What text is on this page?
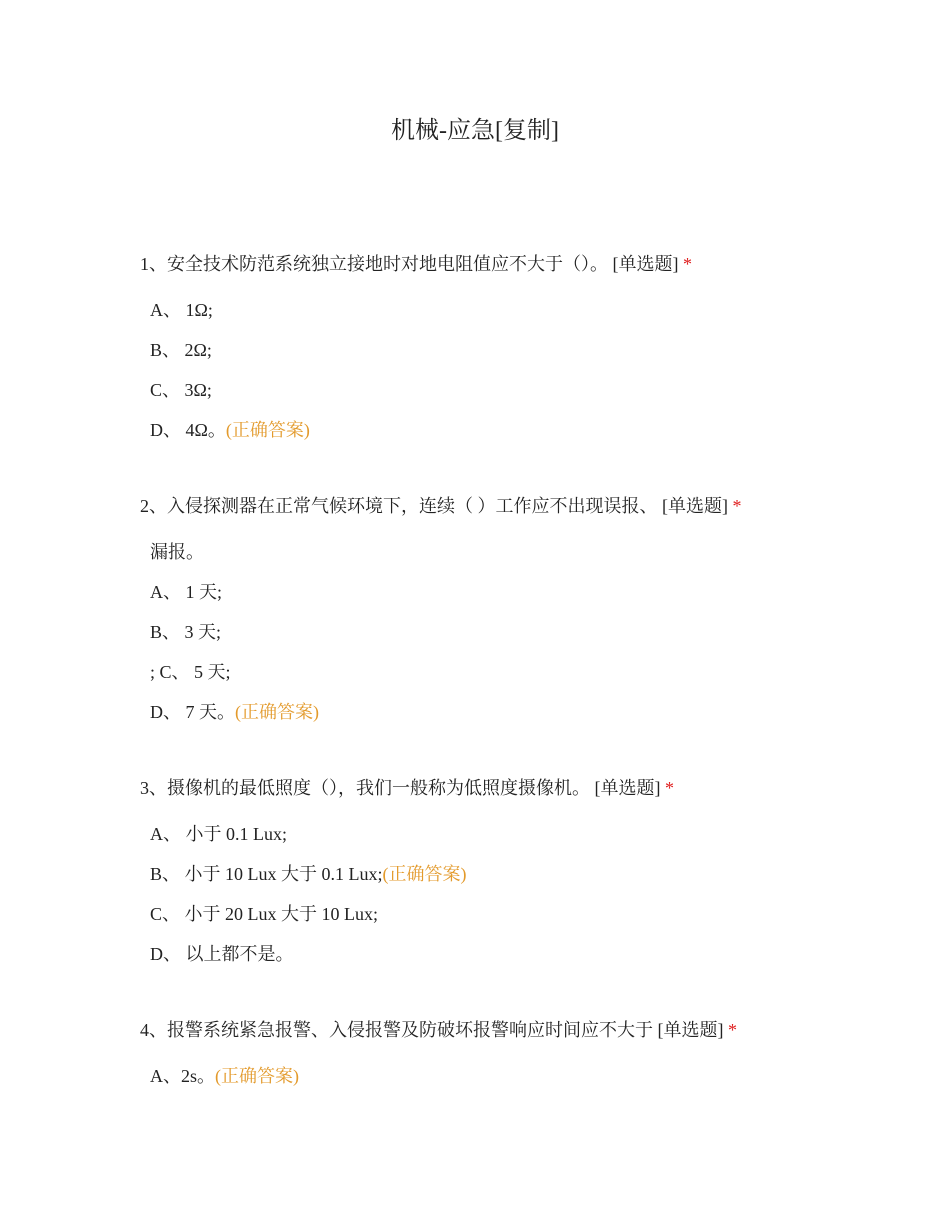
机械-应急[复制]
1、安全技术防范系统独立接地时对地电阻值应不大于（）。 [单选题] *
A、 1Ω;
B、 2Ω;
C、 3Ω;
D、 4Ω。(正确答案)
2、入侵探测器在正常气候环境下，连续（ ）工作应不出现误报、 [单选题] *
漏报。
A、 1 天;
B、 3 天;
; C、 5 天;
D、 7 天。(正确答案)
3、摄像机的最低照度（），我们一般称为低照度摄像机。 [单选题] *
A、 小于 0.1 Lux;
B、 小于 10 Lux 大于 0.1 Lux;(正确答案)
C、 小于 20 Lux 大于 10 Lux;
D、 以上都不是。
4、报警系统紧急报警、入侵报警及防破坏报警响应时间应不大于 [单选题] *
A、2s。(正确答案)
